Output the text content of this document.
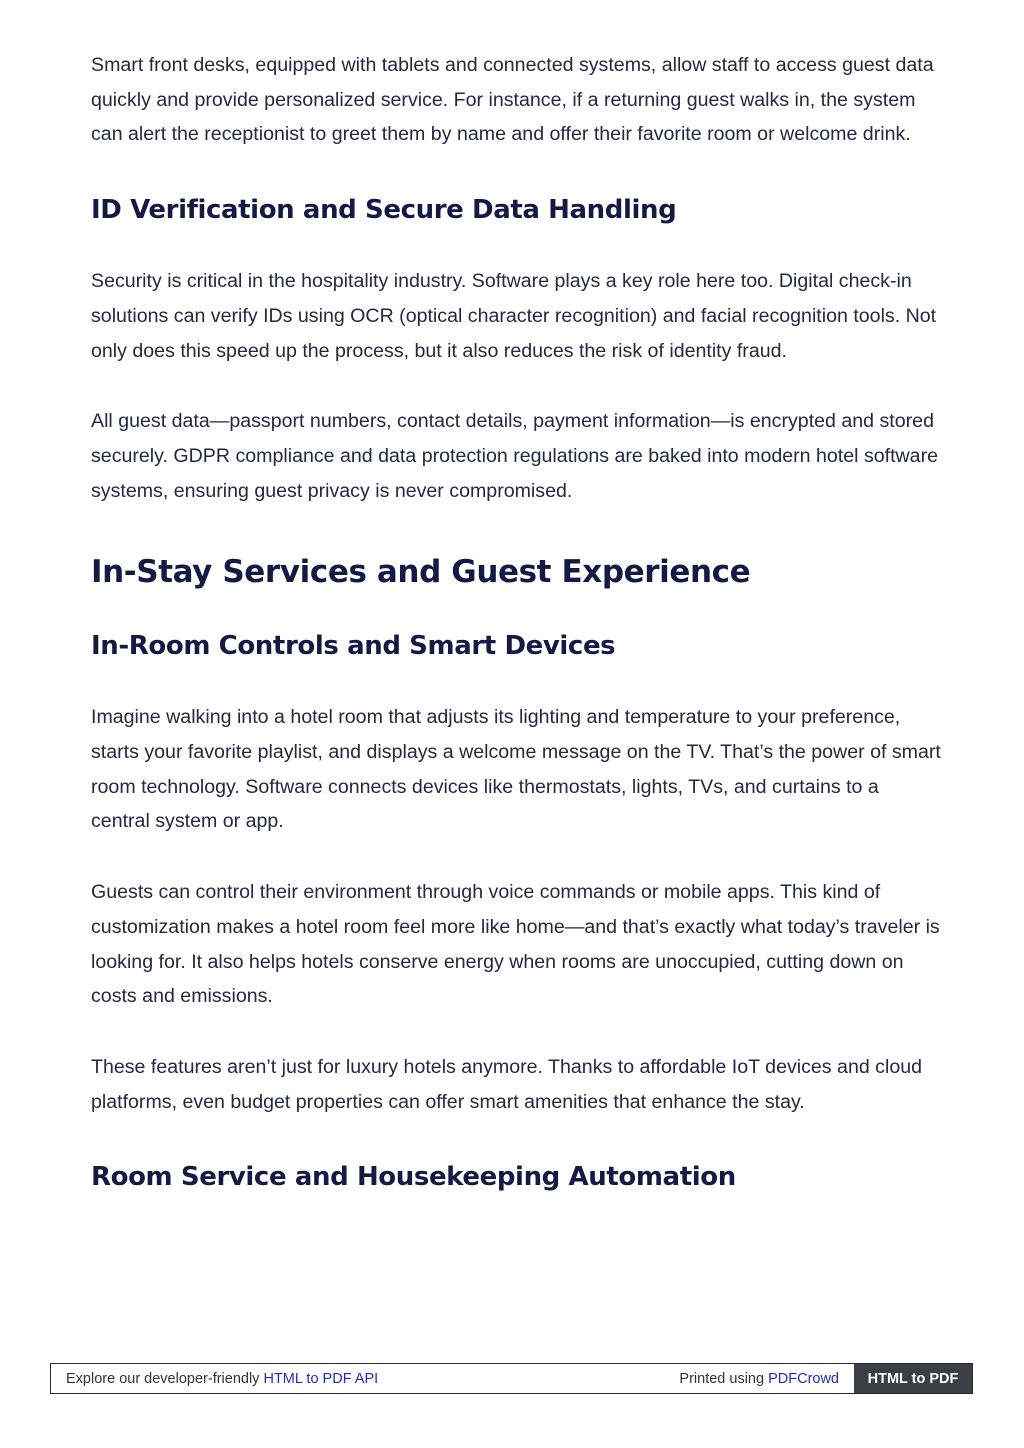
Smart front desks, equipped with tablets and connected systems, allow staff to access guest data quickly and provide personalized service. For instance, if a returning guest walks in, the system can alert the receptionist to greet them by name and offer their favorite room or welcome drink.

ID Verification and Secure Data Handling

Security is critical in the hospitality industry. Software plays a key role here too. Digital check-in solutions can verify IDs using OCR (optical character recognition) and facial recognition tools. Not only does this speed up the process, but it also reduces the risk of identity fraud.

All guest data—passport numbers, contact details, payment information—is encrypted and stored securely. GDPR compliance and data protection regulations are baked into modern hotel software systems, ensuring guest privacy is never compromised.

In-Stay Services and Guest Experience
In-Room Controls and Smart Devices

Imagine walking into a hotel room that adjusts its lighting and temperature to your preference, starts your favorite playlist, and displays a welcome message on the TV. That’s the power of smart room technology. Software connects devices like thermostats, lights, TVs, and curtains to a central system or app.

Guests can control their environment through voice commands or mobile apps. This kind of customization makes a hotel room feel more like home—and that’s exactly what today’s traveler is looking for. It also helps hotels conserve energy when rooms are unoccupied, cutting down on costs and emissions.

These features aren’t just for luxury hotels anymore. Thanks to affordable IoT devices and cloud platforms, even budget properties can offer smart amenities that enhance the stay.

Room Service and Housekeeping Automation
Explore our developer-friendly HTML to PDF API	Printed using PDFCrowd	HTML to PDF
